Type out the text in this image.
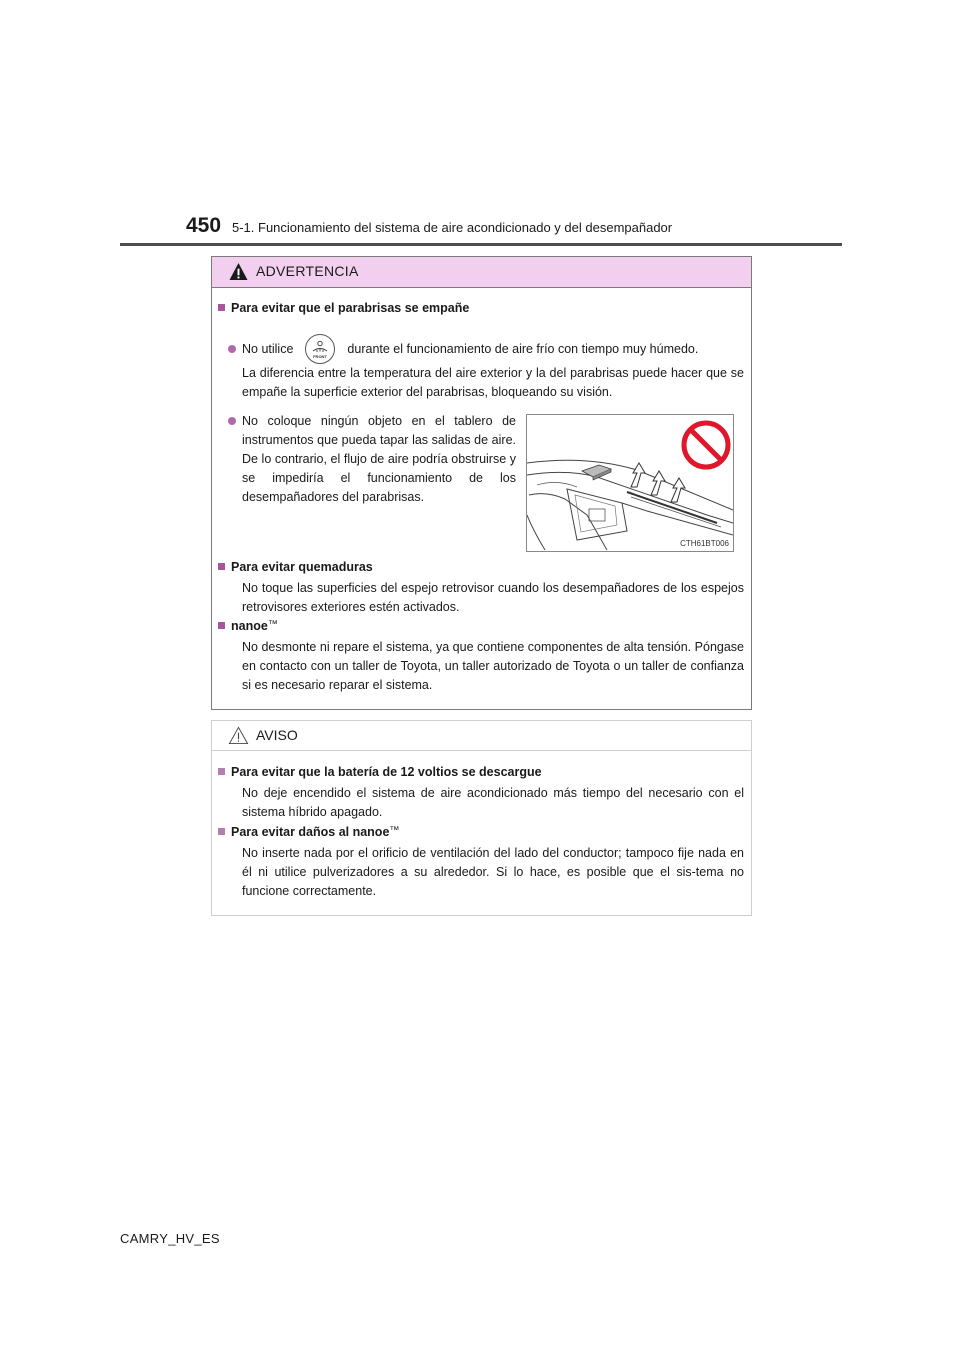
450 5-1. Funcionamiento del sistema de aire acondicionado y del desempañador
ADVERTENCIA
Para evitar que el parabrisas se empañe
No utilice
FRONT
durante el funcionamiento de aire frío con tiempo muy húmedo.
La diferencia entre la temperatura del aire exterior y la del parabrisas puede hacer que se empañe la superficie exterior del parabrisas, bloqueando su visión.
No coloque ningún objeto en el tablero de instrumentos que pueda tapar las salidas de aire. De lo contrario, el flujo de aire podría obstruirse y se impediría el funcionamiento de los desempañadores del parabrisas.
Para evitar quemaduras
No toque las superficies del espejo retrovisor cuando los desempañadores de los espejos retrovisores exteriores estén activados.
nanoe™
No desmonte ni repare el sistema, ya que contiene componentes de alta tensión. Póngase en contacto con un taller de Toyota, un taller autorizado de Toyota o un taller de confianza si es necesario reparar el sistema.
CTH61BT006
AVISO
Para evitar que la batería de 12 voltios se descargue
No deje encendido el sistema de aire acondicionado más tiempo del necesario con el sistema híbrido apagado.
Para evitar daños al nanoe™
No inserte nada por el orificio de ventilación del lado del conductor; tampoco fije nada en él ni utilice pulverizadores a su alrededor. Si lo hace, es posible que el sis-tema no funcione correctamente.
CAMRY_HV_ES
